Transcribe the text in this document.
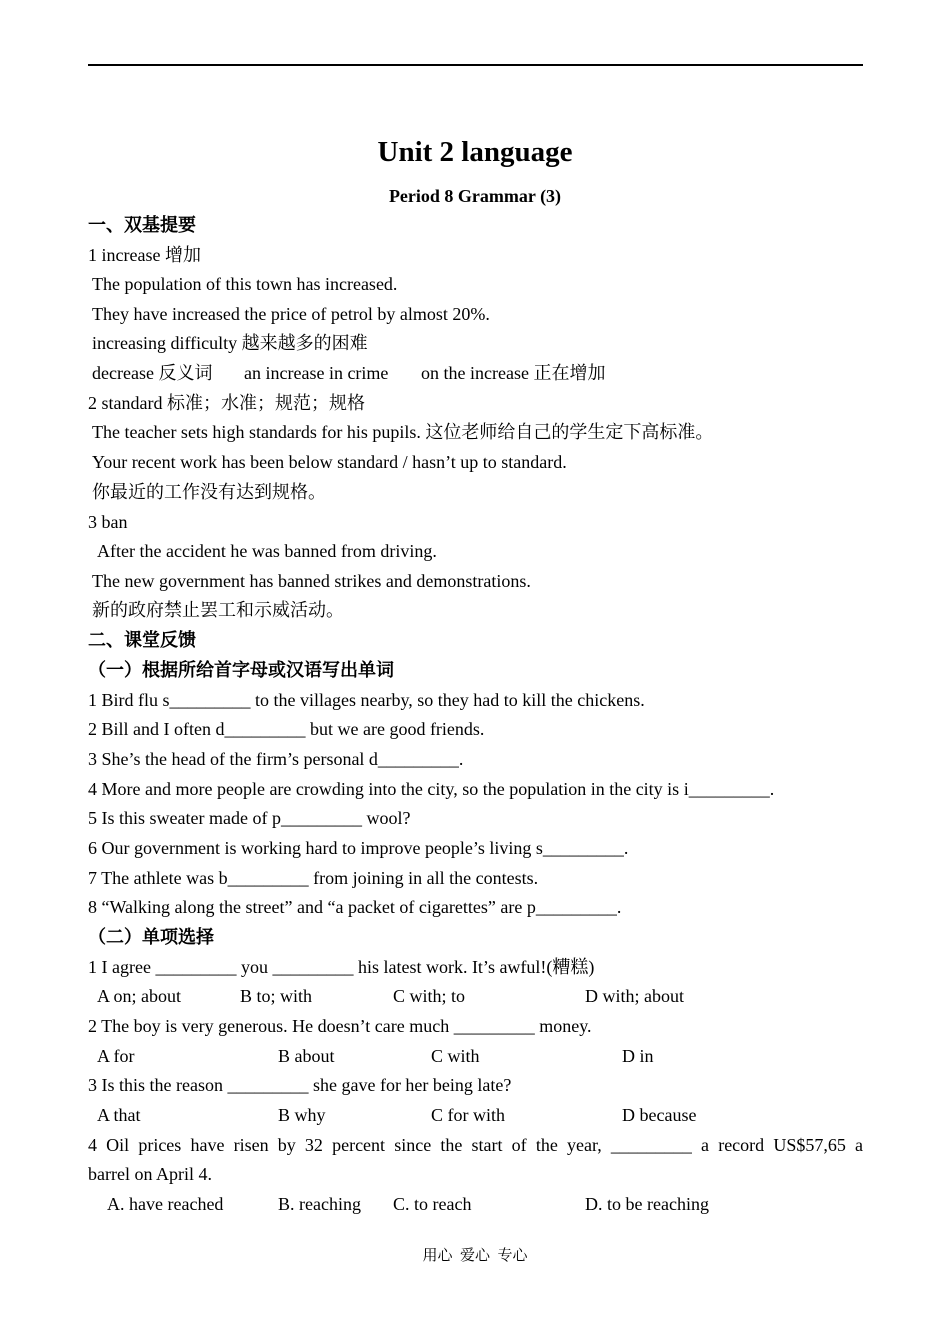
Unit 2 language
Period 8 Grammar (3)
一、双基提要
1 increase 增加
The population of this town has increased.
They have increased the price of petrol by almost 20%.
increasing difficulty 越来越多的困难
decrease 反义词 an increase in crime on the increase 正在增加
2 standard 标准；水准；规范；规格
The teacher sets high standards for his pupils. 这位老师给自己的学生定下高标准。
Your recent work has been below standard / hasn’t up to standard.
你最近的工作没有达到规格。
3 ban
After the accident he was banned from driving.
The new government has banned strikes and demonstrations.
新的政府禁止罢工和示威活动。
二、课堂反馈
（一）根据所给首字母或汉语写出单词
1 Bird flu s_________ to the villages nearby, so they had to kill the chickens.
2 Bill and I often d_________ but we are good friends.
3 She’s the head of the firm’s personal d_________.
4 More and more people are crowding into the city, so the population in the city is i_________.
5 Is this sweater made of p_________ wool?
6 Our government is working hard to improve people’s living s_________.
7 The athlete was b_________ from joining in all the contests.
8 “Walking along the street” and “a packet of cigarettes” are p_________.
（二）单项选择
1 I agree _________ you _________ his latest work. It’s awful!(糟糕)
A on; about	B to; with	C with; to	D with; about
2 The boy is very generous. He doesn’t care much _________ money.
A for	B about	C with	D in
3 Is this the reason _________ she gave for her being late?
A that	B why	C for with	D because
4 Oil prices have risen by 32 percent since the start of the year, _________ a record US$57,65 a
barrel on April 4.
A. have reached	B. reaching C. to reach	D. to be reaching
用心  爱心  专心
